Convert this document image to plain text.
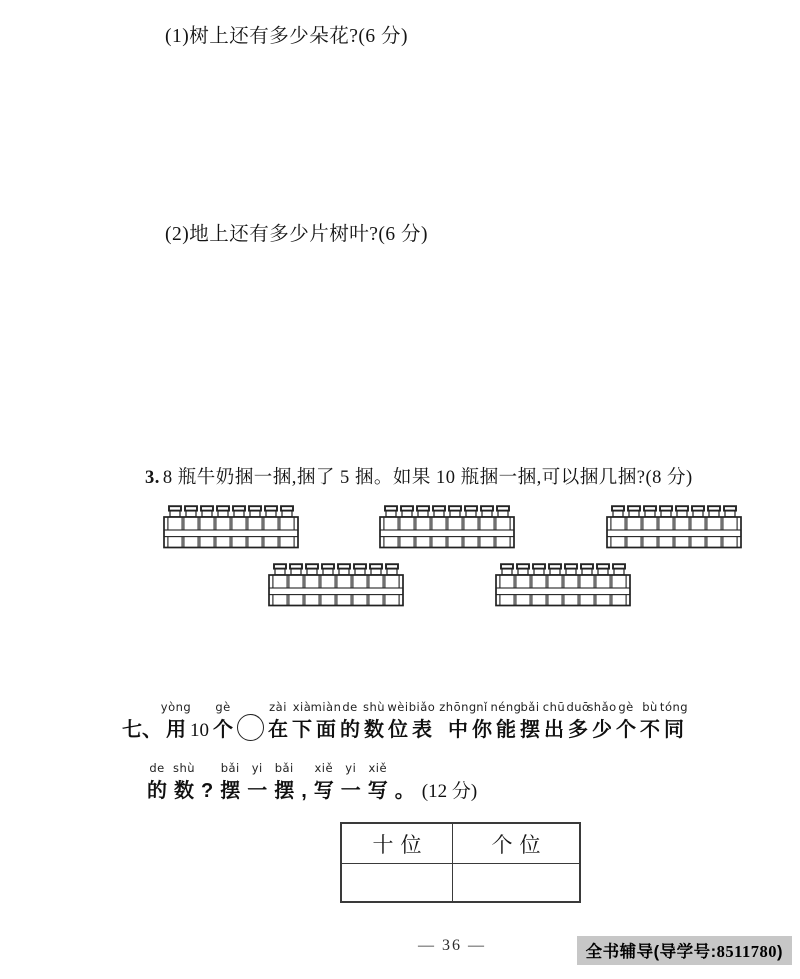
(1)树上还有多少朵花?(6 分)

(2)地上还有多少片树叶?(6 分)

3. 8 瓶牛奶捆一捆,捆了 5 捆。如果 10 瓶捆一捆,可以捆几捆?(8 分)

七、
yòng
用 10
gè
个
zài
在
xià
下
miàn
面
de
的
shù
数
wèi
位
biǎo
表
zhōng
中
nǐ
你
néng
能
bǎi
摆
chū
出
duō
多
shǎo
少
gè
个
bù
不
tóng
同
de
的
shù
数 ?
bǎi
摆
yi
一
bǎi
摆 ,
xiě
写
yi
一
xiě
写 。 (12 分)
十位	个位

— 36 —	全书辅导(导学号:8511780)
